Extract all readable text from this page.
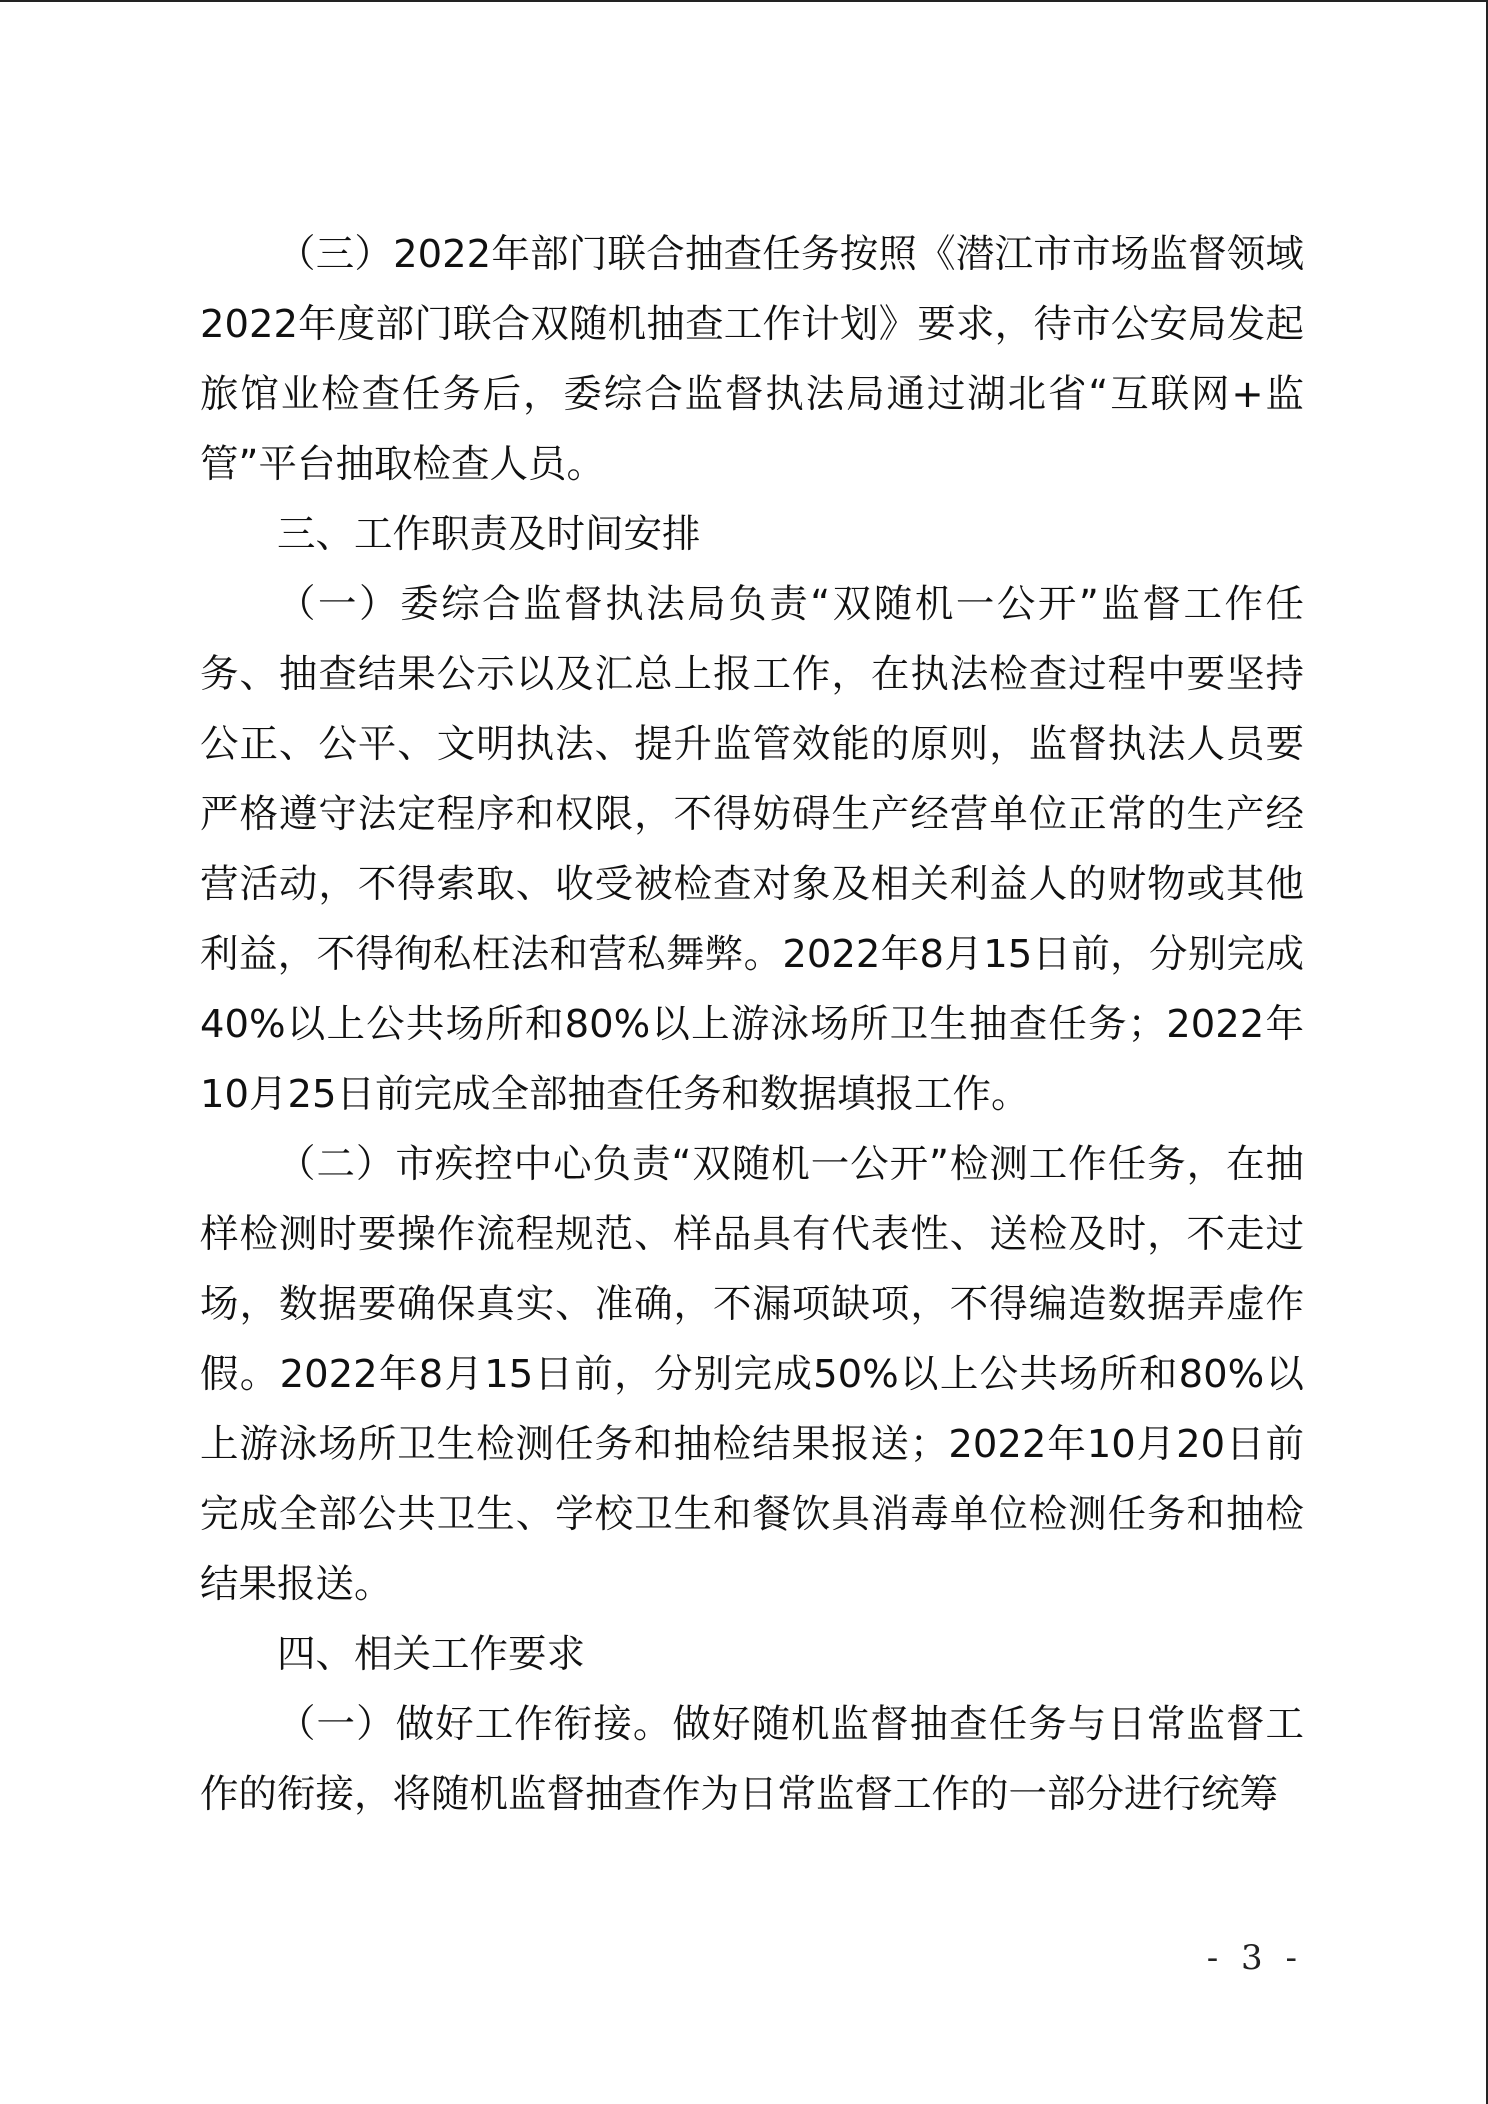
（三）2022年部门联合抽查任务按照《潜江市市场监督领域2022年度部门联合双随机抽查工作计划》要求，待市公安局发起旅馆业检查任务后，委综合监督执法局通过湖北省“互联网+监管”平台抽取检查人员。

三、工作职责及时间安排

（一）委综合监督执法局负责“双随机一公开”监督工作任务、抽查结果公示以及汇总上报工作，在执法检查过程中要坚持公正、公平、文明执法、提升监管效能的原则，监督执法人员要严格遵守法定程序和权限，不得妨碍生产经营单位正常的生产经营活动，不得索取、收受被检查对象及相关利益人的财物或其他利益，不得徇私枉法和营私舞弊。2022年8月15日前，分别完成40%以上公共场所和80%以上游泳场所卫生抽查任务；2022年10月25日前完成全部抽查任务和数据填报工作。

（二）市疾控中心负责“双随机一公开”检测工作任务，在抽样检测时要操作流程规范、样品具有代表性、送检及时，不走过场，数据要确保真实、准确，不漏项缺项，不得编造数据弄虚作假。2022年8月15日前，分别完成50%以上公共场所和80%以上游泳场所卫生检测任务和抽检结果报送；2022年10月20日前完成全部公共卫生、学校卫生和餐饮具消毒单位检测任务和抽检结果报送。

四、相关工作要求

（一）做好工作衔接。做好随机监督抽查任务与日常监督工作的衔接，将随机监督抽查作为日常监督工作的一部分进行统筹

- 3 -
